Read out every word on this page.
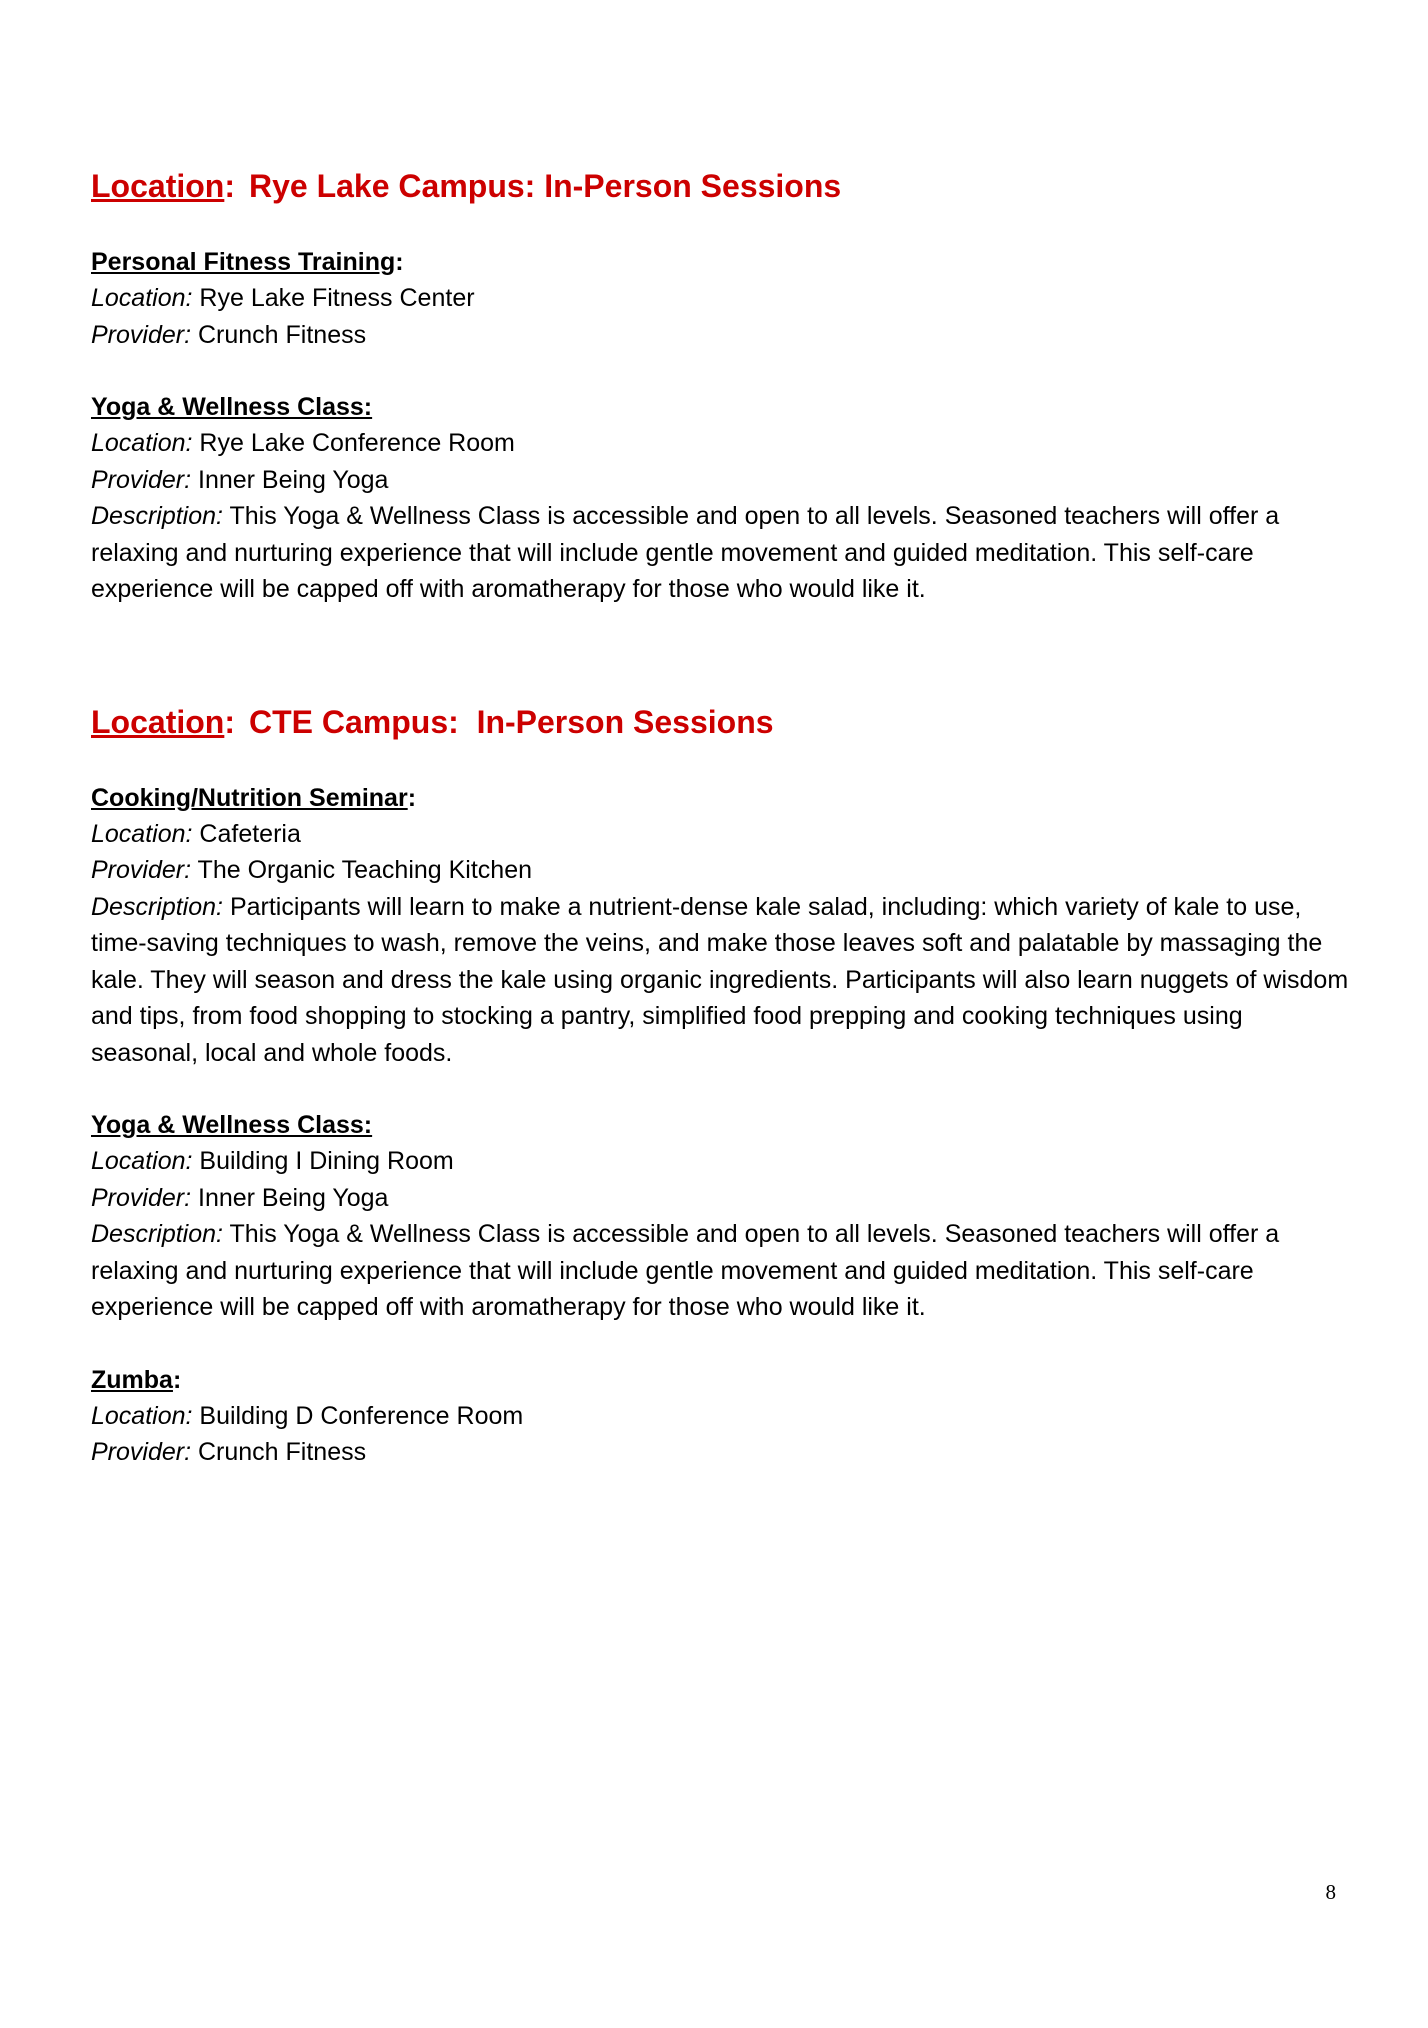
Location: Rye Lake Campus: In-Person Sessions
Personal Fitness Training:
Location: Rye Lake Fitness Center
Provider: Crunch Fitness
Yoga & Wellness Class:
Location: Rye Lake Conference Room
Provider: Inner Being Yoga
Description: This Yoga & Wellness Class is accessible and open to all levels. Seasoned teachers will offer a relaxing and nurturing experience that will include gentle movement and guided meditation. This self-care experience will be capped off with aromatherapy for those who would like it.
Location: CTE Campus:  In-Person Sessions
Cooking/Nutrition Seminar:
Location: Cafeteria
Provider: The Organic Teaching Kitchen
Description: Participants will learn to make a nutrient-dense kale salad, including: which variety of kale to use, time-saving techniques to wash, remove the veins, and make those leaves soft and palatable by massaging the kale. They will season and dress the kale using organic ingredients. Participants will also learn nuggets of wisdom and tips, from food shopping to stocking a pantry, simplified food prepping and cooking techniques using seasonal, local and whole foods.
Yoga & Wellness Class:
Location: Building I Dining Room
Provider: Inner Being Yoga
Description: This Yoga & Wellness Class is accessible and open to all levels. Seasoned teachers will offer a relaxing and nurturing experience that will include gentle movement and guided meditation. This self-care experience will be capped off with aromatherapy for those who would like it.
Zumba:
Location: Building D Conference Room
Provider: Crunch Fitness
8
